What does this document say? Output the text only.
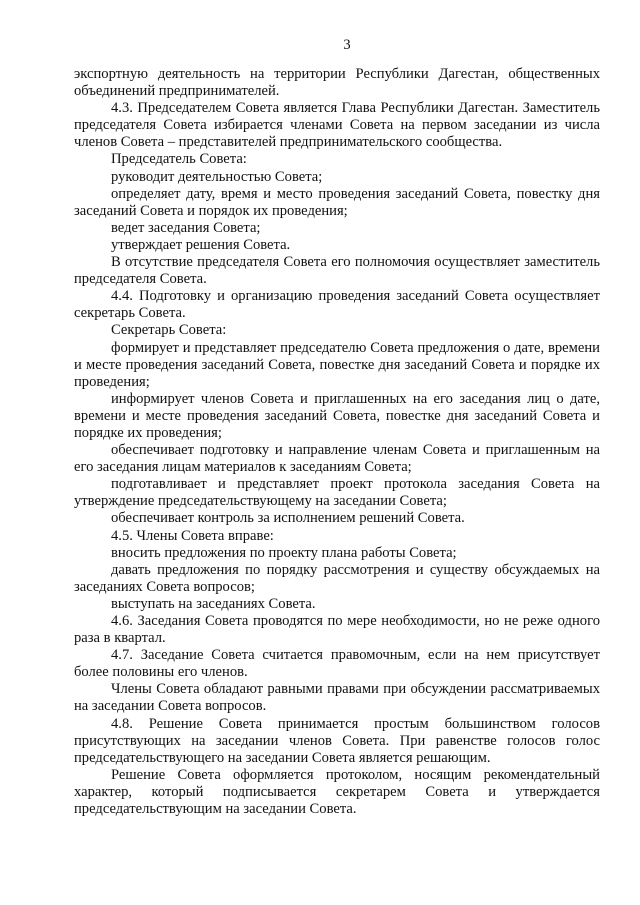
3

экспортную деятельность на территории Республики Дагестан, общественных объединений предпринимателей.

4.3. Председателем Совета является Глава Республики Дагестан. Заместитель председателя Совета избирается членами Совета на первом заседании из числа членов Совета – представителей предпринимательского сообщества.

Председатель Совета:

руководит деятельностью Совета;

определяет дату, время и место проведения заседаний Совета, повестку дня заседаний Совета и порядок их проведения;

ведет заседания Совета;

утверждает решения Совета.

В отсутствие председателя Совета его полномочия осуществляет заместитель председателя Совета.

4.4. Подготовку и организацию проведения заседаний Совета осуществляет секретарь Совета.

Секретарь Совета:

формирует и представляет председателю Совета предложения о дате, времени и месте проведения заседаний Совета, повестке дня заседаний Совета и порядке их проведения;

информирует членов Совета и приглашенных на его заседания лиц о дате, времени и месте проведения заседаний Совета, повестке дня заседаний Совета и порядке их проведения;

обеспечивает подготовку и направление членам Совета и приглашенным на его заседания лицам материалов к заседаниям Совета;

подготавливает и представляет проект протокола заседания Совета на утверждение председательствующему на заседании Совета;

обеспечивает контроль за исполнением решений Совета.

4.5. Члены Совета вправе:

вносить предложения по проекту плана работы Совета;

давать предложения по порядку рассмотрения и существу обсуждаемых на заседаниях Совета вопросов;

выступать на заседаниях Совета.

4.6. Заседания Совета проводятся по мере необходимости, но не реже одного раза в квартал.

4.7. Заседание Совета считается правомочным, если на нем присутствует более половины его членов.

Члены Совета обладают равными правами при обсуждении рассматриваемых на заседании Совета вопросов.

4.8. Решение Совета принимается простым большинством голосов присутствующих на заседании членов Совета. При равенстве голосов голос председательствующего на заседании Совета является решающим.

Решение Совета оформляется протоколом, носящим рекомендательный характер, который подписывается секретарем Совета и утверждается председательствующим на заседании Совета.
